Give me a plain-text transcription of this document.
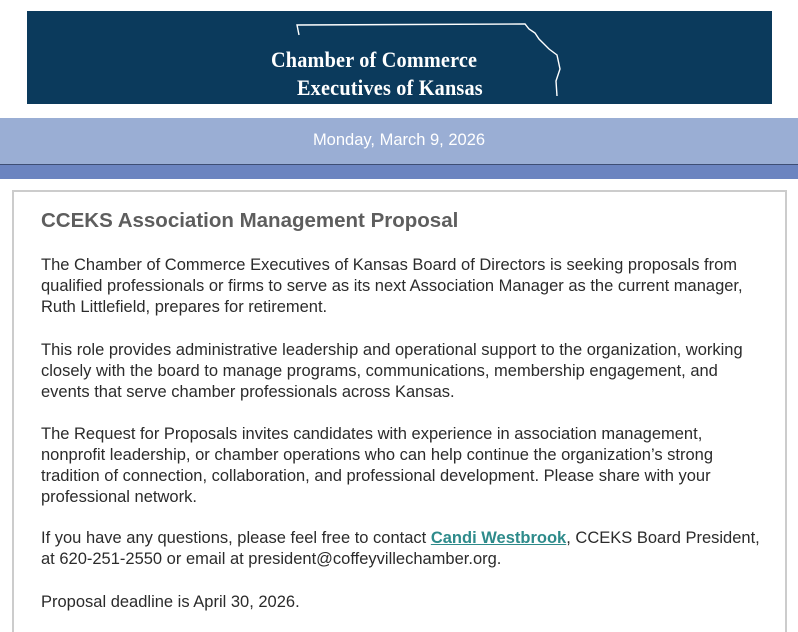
Chamber of Commerce
Executives of Kansas
Monday, March 9, 2026
CCEKS Association Management Proposal
The Chamber of Commerce Executives of Kansas Board of Directors is seeking proposals from qualified professionals or firms to serve as its next Association Manager as the current manager, Ruth Littlefield, prepares for retirement.
This role provides administrative leadership and operational support to the organization, working closely with the board to manage programs, communications, membership engagement, and events that serve chamber professionals across Kansas.
The Request for Proposals invites candidates with experience in association management, nonprofit leadership, or chamber operations who can help continue the organization’s strong tradition of connection, collaboration, and professional development. Please share with your professional network.
If you have any questions, please feel free to contact Candi Westbrook, CCEKS Board President, at 620-251-2550 or email at president@coffeyvillechamber.org.
Proposal deadline is April 30, 2026.
